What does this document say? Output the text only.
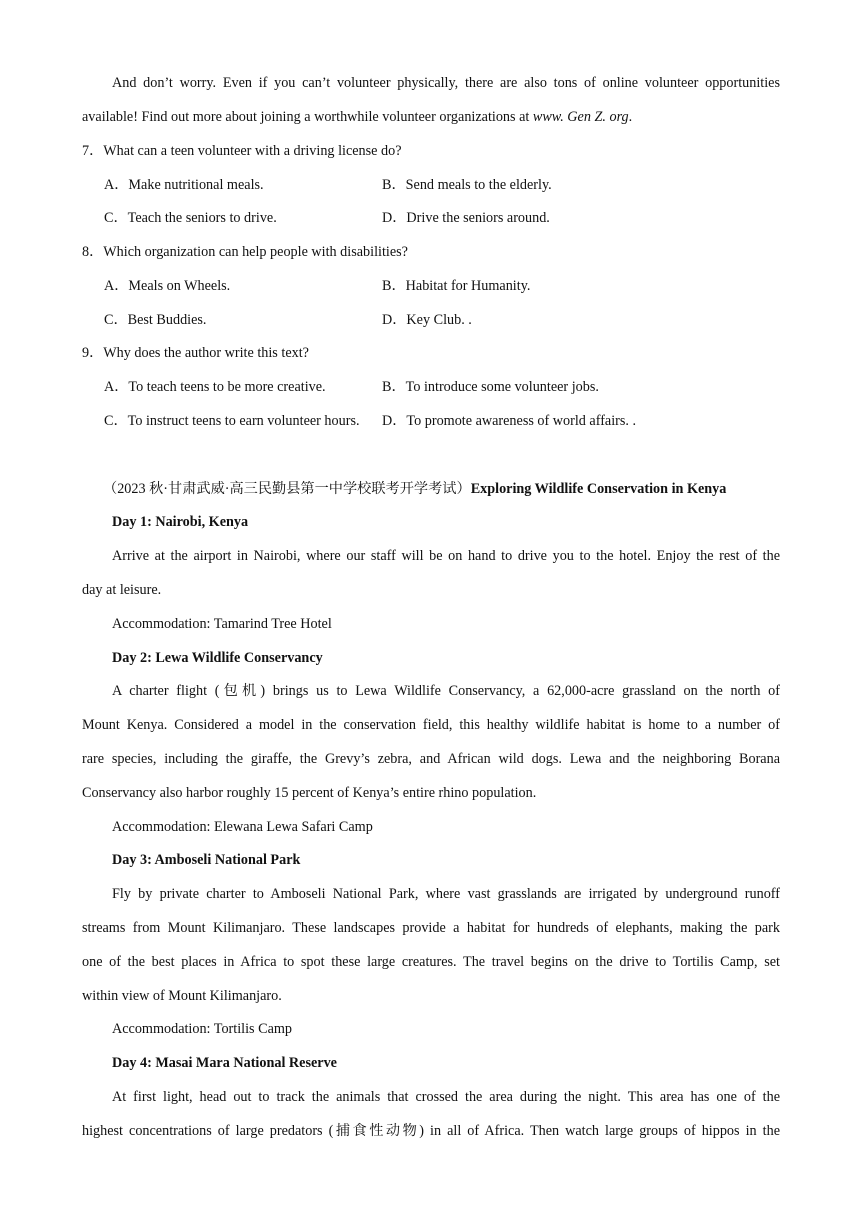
And don’t worry. Even if you can’t volunteer physically, there are also tons of online volunteer opportunities
available! Find out more about joining a worthwhile volunteer organizations at www. Gen Z. org.
7．What can a teen volunteer with a driving license do?
A．Make nutritional meals.	B．Send meals to the elderly.
C．Teach the seniors to drive.	D．Drive the seniors around.
8．Which organization can help people with disabilities?
A．Meals on Wheels.	B．Habitat for Humanity.
C．Best Buddies.	D．Key Club. .
9．Why does the author write this text?
A．To teach teens to be more creative.	B．To introduce some volunteer jobs.
C．To instruct teens to earn volunteer hours. D．To promote awareness of world affairs. .
（2023 秋·甘肃武威·高三民勤县第一中学校联考开学考试）Exploring Wildlife Conservation in Kenya
Day 1: Nairobi, Kenya
Arrive at the airport in Nairobi, where our staff will be on hand to drive you to the hotel. Enjoy the rest of the
day at leisure.
Accommodation: Tamarind Tree Hotel
Day 2: Lewa Wildlife Conservancy
A charter flight (包机) brings us to Lewa Wildlife Conservancy, a 62,000-acre grassland on the north of
Mount Kenya. Considered a model in the conservation field, this healthy wildlife habitat is home to a number of
rare species, including the giraffe, the Grevy’s zebra, and African wild dogs. Lewa and the neighboring Borana
Conservancy also harbor roughly 15 percent of Kenya’s entire rhino population.
Accommodation: Elewana Lewa Safari Camp
Day 3: Amboseli National Park
Fly by private charter to Amboseli National Park, where vast grasslands are irrigated by underground runoff
streams from Mount Kilimanjaro. These landscapes provide a habitat for hundreds of elephants, making the park
one of the best places in Africa to spot these large creatures. The travel begins on the drive to Tortilis Camp, set
within view of Mount Kilimanjaro.
Accommodation: Tortilis Camp
Day 4: Masai Mara National Reserve
At first light, head out to track the animals that crossed the area during the night. This area has one of the
highest concentrations of large predators (捕食性动物) in all of Africa. Then watch large groups of hippos in the
